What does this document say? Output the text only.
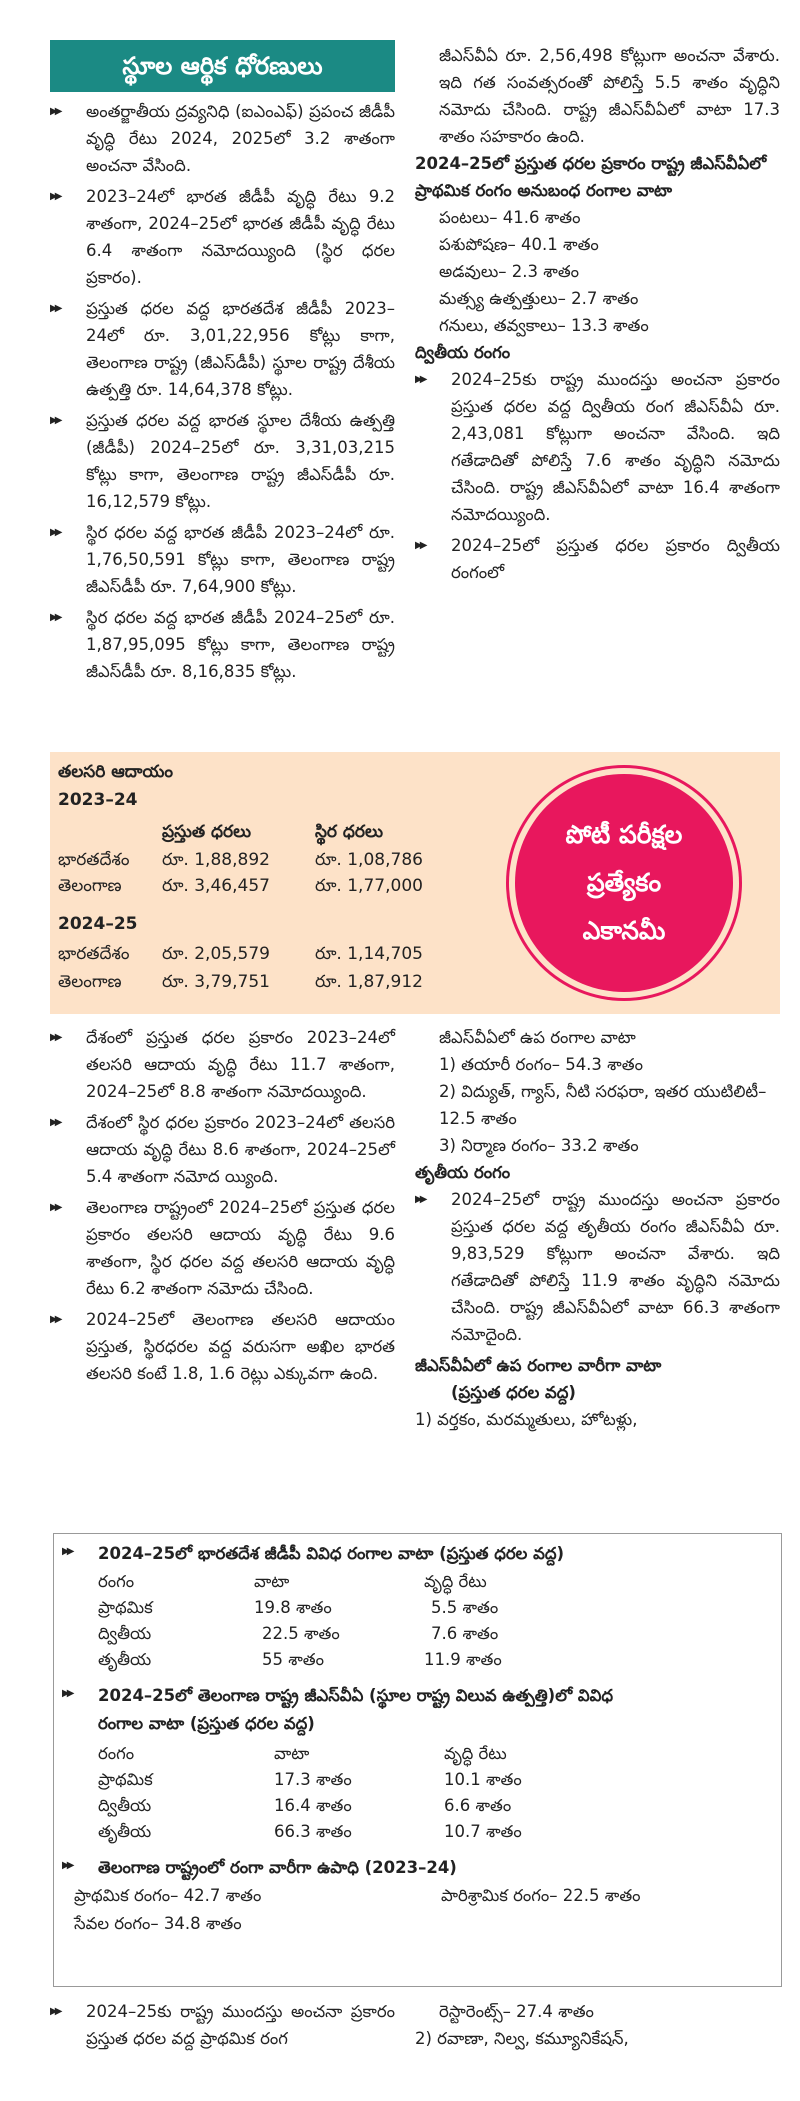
స్థూల ఆర్థిక ధోరణులు

▶▶ అంతర్జాతీయ ద్రవ్యనిధి (ఐఎంఎఫ్) ప్రపంచ జీడీపీ వృద్ధి రేటు 2024, 2025లో 3.2 శాతంగా అంచనా వేసింది.

▶▶ 2023–24లో భారత జీడీపీ వృద్ధి రేటు 9.2 శాతంగా, 2024–25లో భారత జీడీపీ వృద్ధి రేటు 6.4 శాతంగా నమోదయ్యింది (స్థిర ధరల ప్రకారం).

▶▶ ప్రస్తుత ధరల వద్ద భారతదేశ జీడీపీ 2023–24లో రూ. 3,01,22,956 కోట్లు కాగా, తెలంగాణ రాష్ట్ర (జీఎస్‌డీపీ) స్థూల రాష్ట్ర దేశీయ ఉత్పత్తి రూ. 14,64,378 కోట్లు.

▶▶ ప్రస్తుత ధరల వద్ద భారత స్థూల దేశీయ ఉత్పత్తి (జీడీపీ) 2024–25లో రూ. 3,31,03,215 కోట్లు కాగా, తెలంగాణ రాష్ట్ర జీఎస్‌డీపీ రూ. 16,12,579 కోట్లు.

▶▶ స్థిర ధరల వద్ద భారత జీడీపీ 2023–24లో రూ. 1,76,50,591 కోట్లు కాగా, తెలంగాణ రాష్ట్ర జీఎస్‌డీపీ రూ. 7,64,900 కోట్లు.

▶▶ స్థిర ధరల వద్ద భారత జీడీపీ 2024–25లో రూ. 1,87,95,095 కోట్లు కాగా, తెలంగాణ రాష్ట్ర జీఎస్‌డీపీ రూ. 8,16,835 కోట్లు.

జీఎస్‌వీఏ రూ. 2,56,498 కోట్లుగా అంచనా వేశారు. ఇది గత సంవత్సరంతో పోలిస్తే 5.5 శాతం వృద్ధిని నమోదు చేసింది. రాష్ట్ర జీఎస్‌వీఏలో వాటా 17.3 శాతం సహకారం ఉంది.

2024–25లో ప్రస్తుత ధరల ప్రకారం రాష్ట్ర జీఎస్‌వీఏలో ప్రాథమిక రంగం అనుబంధ రంగాల వాటా

పంటలు– 41.6 శాతం

పశుపోషణ– 40.1 శాతం

అడవులు– 2.3 శాతం

మత్స్య ఉత్పత్తులు– 2.7 శాతం

గనులు, తవ్వకాలు– 13.3 శాతం

ద్వితీయ రంగం

▶▶ 2024–25కు రాష్ట్ర ముందస్తు అంచనా ప్రకారం ప్రస్తుత ధరల వద్ద ద్వితీయ రంగ జీఎస్‌వీఏ రూ. 2,43,081 కోట్లుగా అంచనా వేసింది. ఇది గతేడాదితో పోలిస్తే 7.6 శాతం వృద్ధిని నమోదు చేసింది. రాష్ట్ర జీఎస్‌వీఏలో వాటా 16.4 శాతంగా నమోదయ్యింది.

▶▶ 2024–25లో ప్రస్తుత ధరల ప్రకారం ద్వితీయ రంగంలో

తలసరి ఆదాయం
2023–24
ప్రస్తుత ధరలు	స్థిర ధరలు
భారతదేశం రూ. 1,88,892	రూ. 1,08,786
తెలంగాణ రూ. 3,46,457	రూ. 1,77,000
2024–25
భారతదేశం రూ. 2,05,579	రూ. 1,14,705
తెలంగాణ రూ. 3,79,751	రూ. 1,87,912
పోటీ పరీక్షల
ప్రత్యేకం
ఎకానమీ

▶▶ దేశంలో ప్రస్తుత ధరల ప్రకారం 2023–24లో తలసరి ఆదాయ వృద్ధి రేటు 11.7 శాతంగా, 2024–25లో 8.8 శాతంగా నమోదయ్యింది.

▶▶ దేశంలో స్థిర ధరల ప్రకారం 2023–24లో తలసరి ఆదాయ వృద్ధి రేటు 8.6 శాతంగా, 2024–25లో 5.4 శాతంగా నమోద య్యింది.

▶▶ తెలంగాణ రాష్ట్రంలో 2024–25లో ప్రస్తుత ధరల ప్రకారం తలసరి ఆదాయ వృద్ధి రేటు 9.6 శాతంగా, స్థిర ధరల వద్ద తలసరి ఆదాయ వృద్ధి రేటు 6.2 శాతంగా నమోదు చేసింది.

▶▶ 2024–25లో తెలంగాణ తలసరి ఆదాయం ప్రస్తుత, స్థిరధరల వద్ద వరుసగా అఖిల భారత తలసరి కంటే 1.8, 1.6 రెట్లు ఎక్కువగా ఉంది.

జీఎస్‌వీఏలో ఉప రంగాల వాటా

1) తయారీ రంగం– 54.3 శాతం

2) విద్యుత్, గ్యాస్, నీటి సరఫరా, ఇతర యుటిలిటీ– 12.5 శాతం

3) నిర్మాణ రంగం– 33.2 శాతం

తృతీయ రంగం

▶▶ 2024–25లో రాష్ట్ర ముందస్తు అంచనా ప్రకారం ప్రస్తుత ధరల వద్ద తృతీయ రంగం జీఎస్‌వీఏ రూ. 9,83,529 కోట్లుగా అంచనా వేశారు. ఇది గతేడాదితో పోలిస్తే 11.9 శాతం వృద్ధిని నమోదు చేసింది. రాష్ట్ర జీఎస్‌వీఏలో వాటా 66.3 శాతంగా నమోదైంది.

జీఎస్‌వీఏలో ఉప రంగాల వారీగా వాటా

(ప్రస్తుత ధరల వద్ద)

1) వర్తకం, మరమ్మతులు, హోటళ్లు,

▶▶ 2024–25లో భారతదేశ జీడీపీ వివిధ రంగాల వాటా (ప్రస్తుత ధరల వద్ద)
రంగం	వాటా	వృద్ధి రేటు
ప్రాథమిక	19.8 శాతం	5.5 శాతం
ద్వితీయ	22.5 శాతం	7.6 శాతం
తృతీయ	55 శాతం	11.9 శాతం
▶▶ 2024–25లో తెలంగాణ రాష్ట్ర జీఎస్‌వీఏ (స్థూల రాష్ట్ర విలువ ఉత్పత్తి)లో వివిధ
రంగాల వాటా (ప్రస్తుత ధరల వద్ద)
రంగం	వాటా	వృద్ధి రేటు
ప్రాథమిక	17.3 శాతం	10.1 శాతం
ద్వితీయ	16.4 శాతం	6.6 శాతం
తృతీయ	66.3 శాతం	10.7 శాతం
▶▶ తెలంగాణ రాష్ట్రంలో రంగా వారీగా ఉపాధి (2023–24)
ప్రాథమిక రంగం– 42.7 శాతం	పారిశ్రామిక రంగం– 22.5 శాతం
సేవల రంగం– 34.8 శాతం

▶▶ 2024–25కు రాష్ట్ర ముందస్తు అంచనా ప్రకారం ప్రస్తుత ధరల వద్ద ప్రాథమిక రంగ

రెస్టారెంట్స్– 27.4 శాతం

2) రవాణా, నిల్వ, కమ్యూనికేషన్,
